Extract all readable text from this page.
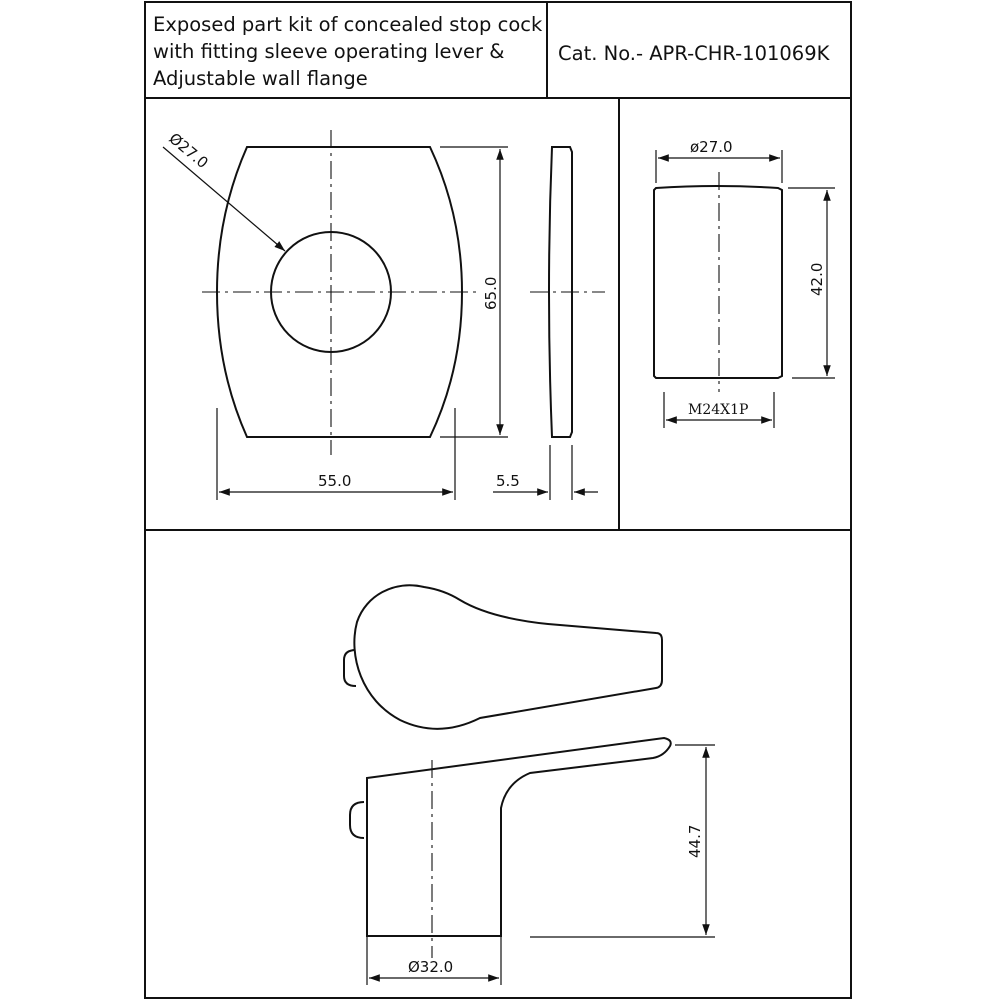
Exposed part kit of concealed stop cock
with fitting sleeve operating lever &
Adjustable wall flange
Cat. No.- APR-CHR-101069K
Ø27.0
65.0
55.0	5.5
ø27.0
42.0
M24X1P
44.7
Ø32.0
